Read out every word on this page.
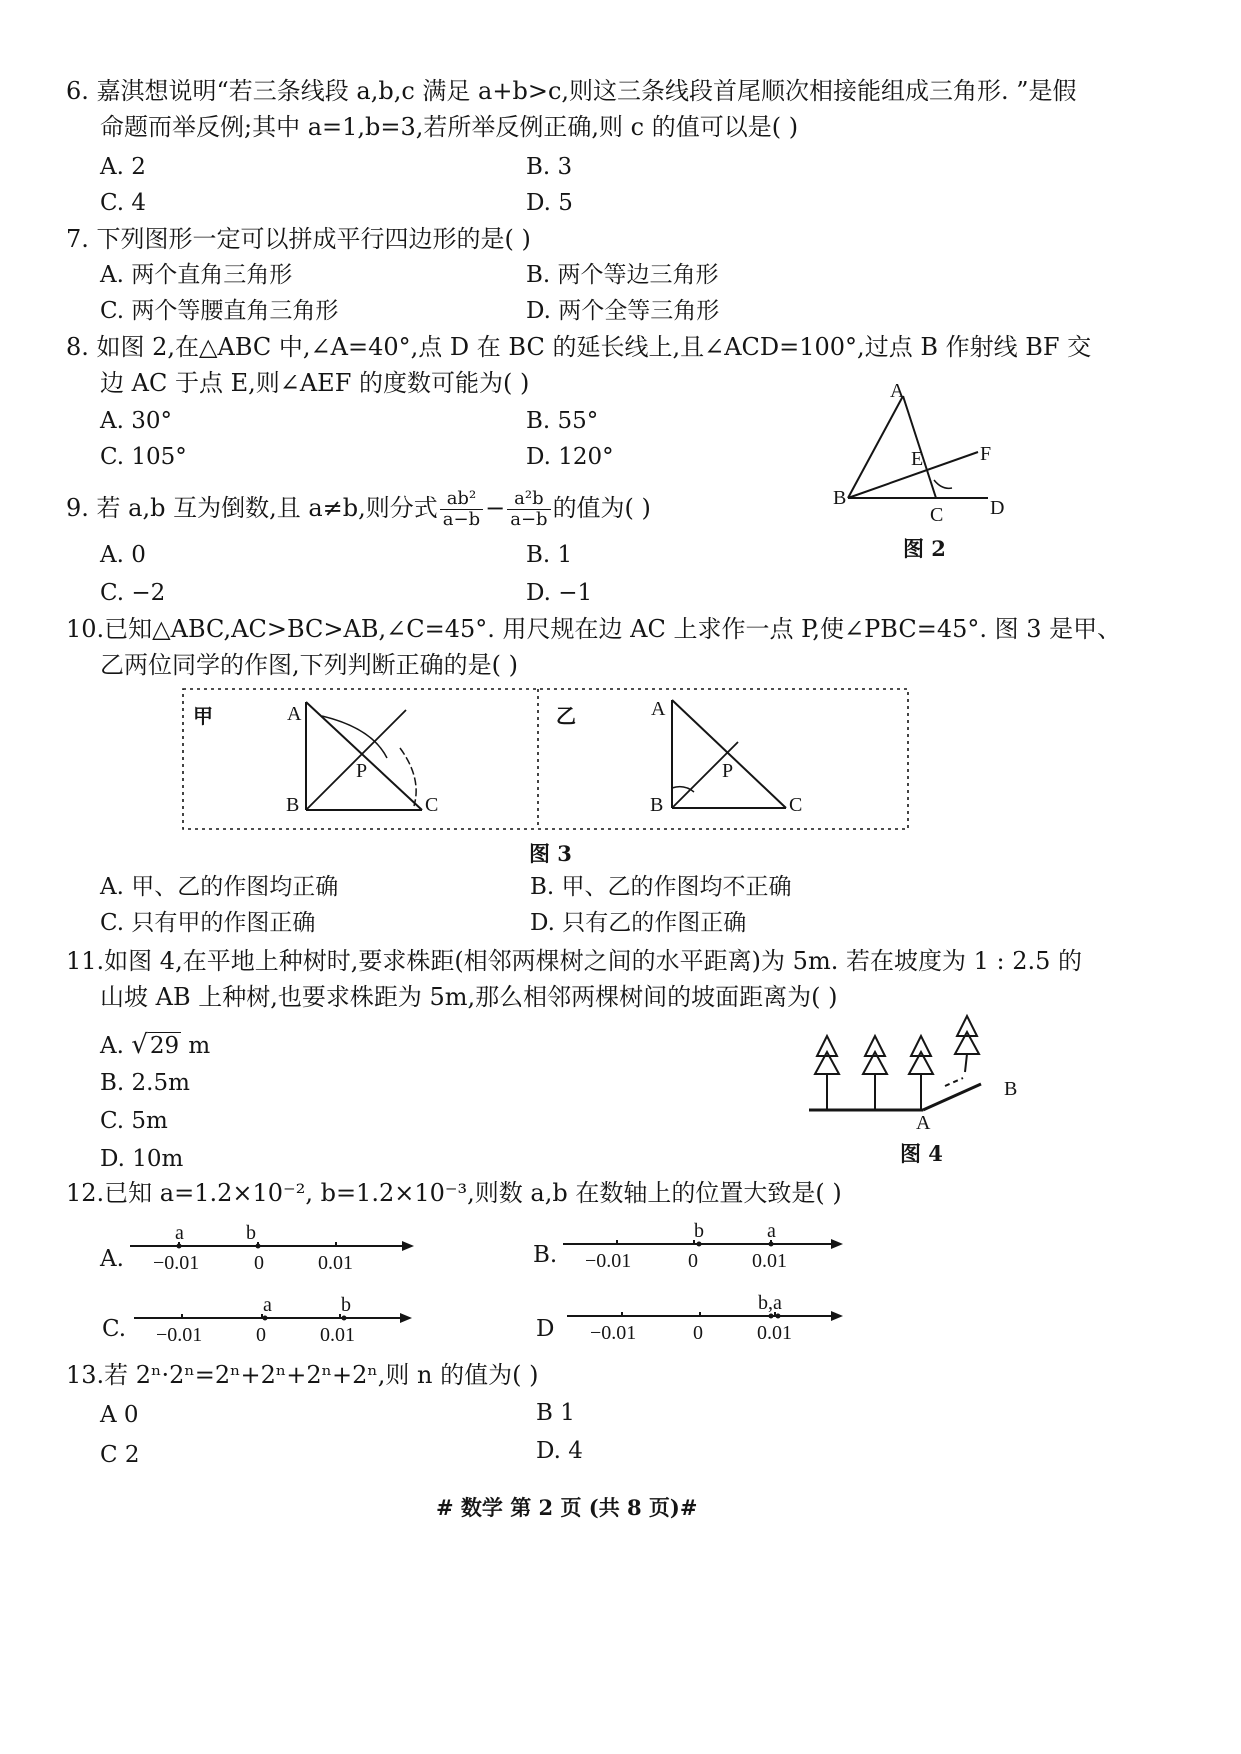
6. 嘉淇想说明“若三条线段 a,b,c 满足 a+b>c,则这三条线段首尾顺次相接能组成三角形. ”是假
命题而举反例;其中 a=1,b=3,若所举反例正确,则 c 的值可以是( )
A. 2	B. 3
C. 4	D. 5
7. 下列图形一定可以拼成平行四边形的是( )
A. 两个直角三角形	B. 两个等边三角形
C. 两个等腰直角三角形	D. 两个全等三角形
8. 如图 2,在△ABC 中,∠A=40°,点 D 在 BC 的延长线上,且∠ACD=100°,过点 B 作射线 BF 交
边 AC 于点 E,则∠AEF 的度数可能为( )
A. 30°	B. 55°
C. 105°	D. 120°
A
E	F
B
C D
图 2
9. 若 a,b 互为倒数,且 a≠b,则分式 $\frac{\text{ab²}}{a-b} - \frac{\text{a²b}}{a-b}$ 的值为( )
A. 0	B. 1
C. −2	D. −1
10.已知△ABC,AC>BC>AB,∠C=45°. 用尺规在边 AC 上求作一点 P,使∠PBC=45°. 图 3 是甲、
乙两位同学的作图,下列判断正确的是( )
甲	乙
A
B	C
P
A
B	C
P
图 3
A. 甲、乙的作图均正确	B. 甲、乙的作图均不正确
C. 只有甲的作图正确	D. 只有乙的作图正确
11.如图 4,在平地上种树时,要求株距(相邻两棵树之间的水平距离)为 5m. 若在坡度为 1 : 2.5 的
山坡 AB 上种树,也要求株距为 5m,那么相邻两棵树间的坡面距离为( )
A. √29 m
B. 2.5m
C. 5m
D. 10m
A
B
图 4
12.已知 a=1.2×10⁻², b=1.2×10⁻³,则数 a,b 在数轴上的位置大致是( )
A.
a	b
−0.01	0	0.01	B.
b	a
−0.01	0	0.01
C.
a	b
−0.01	0	0.01	D
b,a
−0.01	0	0.01
13.若 2ⁿ·2ⁿ=2ⁿ+2ⁿ+2ⁿ+2ⁿ,则 n 的值为( )
A 0	B 1
C 2	D. 4
# 数学 第 2 页 (共 8 页)#
